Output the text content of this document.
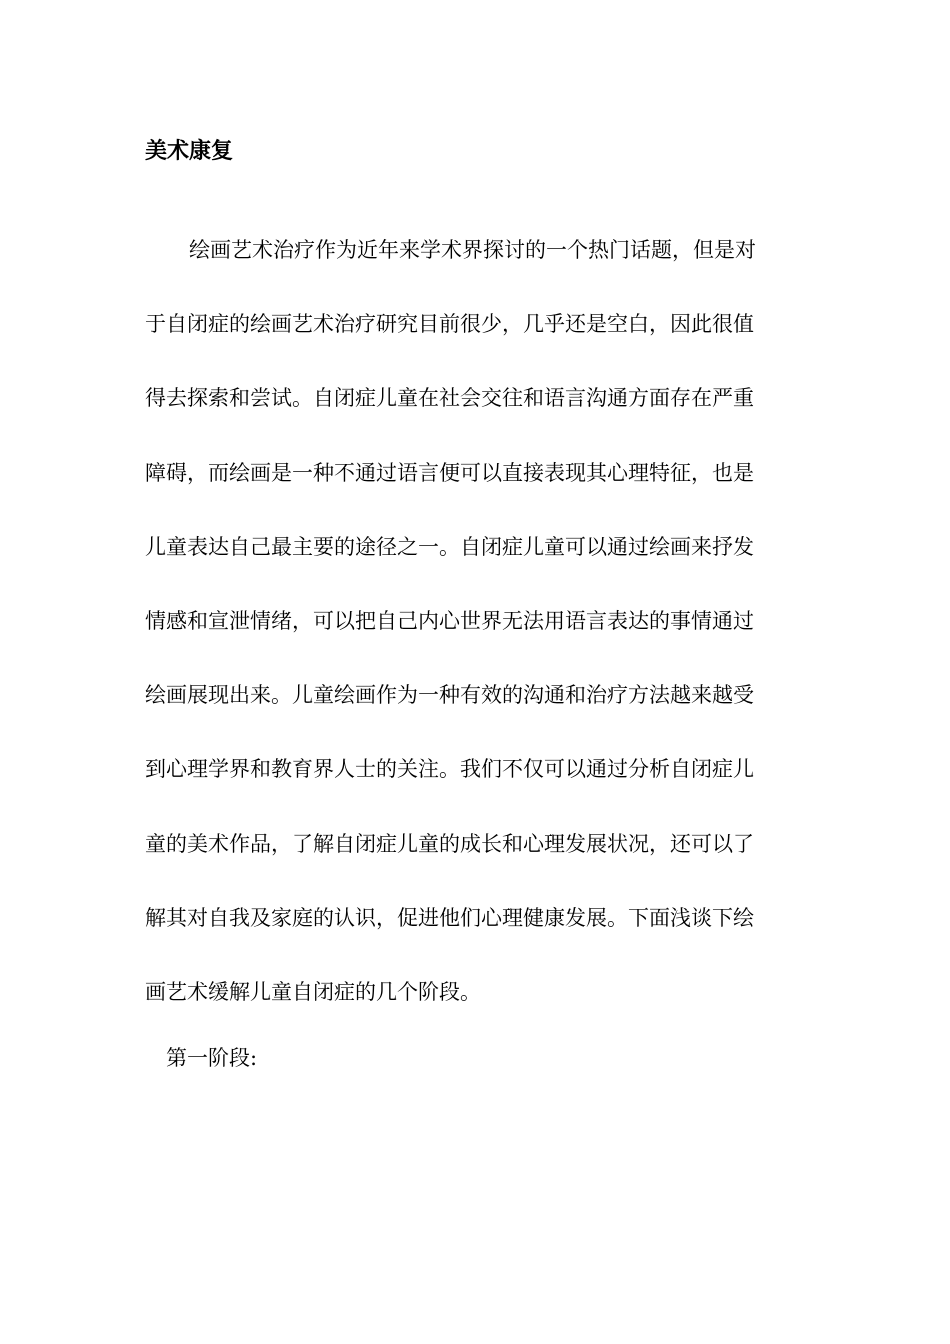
美术康复
绘画艺术治疗作为近年来学术界探讨的一个热门话题，但是对
于自闭症的绘画艺术治疗研究目前很少，几乎还是空白，因此很值
得去探索和尝试。自闭症儿童在社会交往和语言沟通方面存在严重
障碍，而绘画是一种不通过语言便可以直接表现其心理特征，也是
儿童表达自己最主要的途径之一。自闭症儿童可以通过绘画来抒发
情感和宣泄情绪，可以把自己内心世界无法用语言表达的事情通过
绘画展现出来。儿童绘画作为一种有效的沟通和治疗方法越来越受
到心理学界和教育界人士的关注。我们不仅可以通过分析自闭症儿
童的美术作品，了解自闭症儿童的成长和心理发展状况，还可以了
解其对自我及家庭的认识，促进他们心理健康发展。下面浅谈下绘
画艺术缓解儿童自闭症的几个阶段。
第一阶段:
